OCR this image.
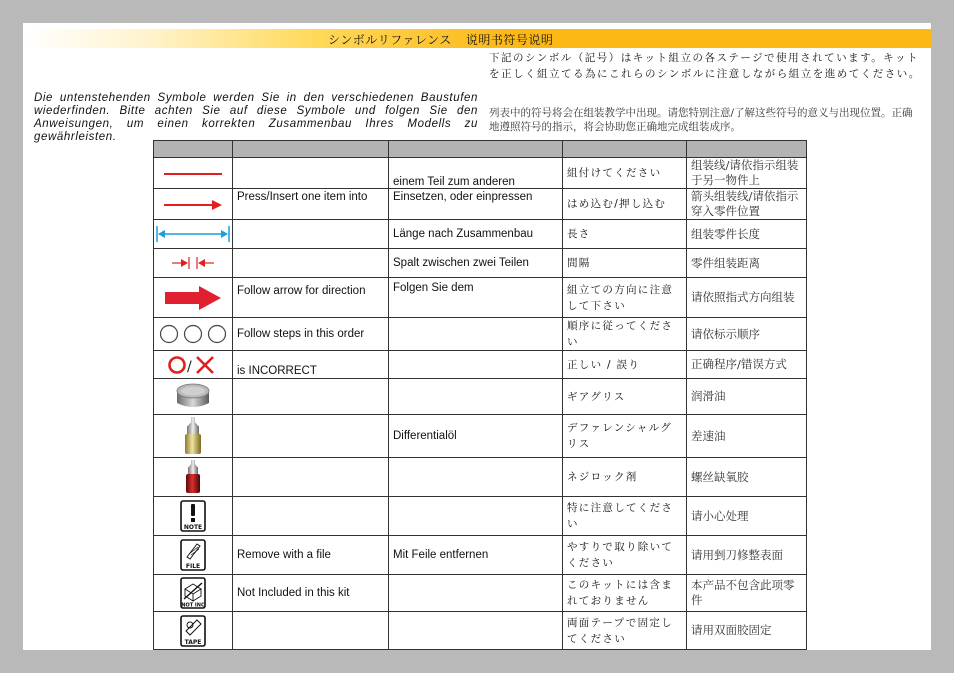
シンボルリファレンス 说明书符号说明

Die untenstehenden Symbole werden Sie in den verschiedenen Baustufen wiederfinden. Bitte achten Sie auf diese Symbole und folgen Sie den Anweisungen, um einen korrekten Zusammenbau Ihres Modells zu gewährleisten.

下記のシンボル（記号）はキット組立の各ステージで使用されています。キットを正しく組立てる為にこれらのシンボルに注意しながら組立を進めてください。

列表中的符号将会在组装教学中出现。请您特别注意/了解这些符号的意义与出现位置。正确地遵照符号的指示，将会协助您正确地完成组装成序。

		einem Teil zum anderen	組付けてください	组装线/请依指示组装于另一物件上
	Press/Insert one item into	Einsetzen, oder einpressen	はめ込む/押し込む	箭头组装线/请依指示穿入零件位置
		Länge nach Zusammenbau	長さ	组装零件长度
		Spalt zwischen zwei Teilen	間隔	零件组装距离
	Follow arrow for direction	Folgen Sie dem	組立ての方向に注意して下さい	请依照指式方向组装
	Follow steps in this order		順序に従ってください	请依标示顺序

/	is INCORRECT		正しい / 誤り	正确程序/错误方式
			ギアグリス	润滑油
		Differentialöl	デファレンシャルグリス	差速油
			ネジロック剤	螺丝缺氧胶

NOTE			特に注意してください	请小心处理

FILE	Remove with a file	Mit Feile entfernen	やすりで取り除いてください	请用剉刀修整表面

NOT INC	Not Included in this kit		このキットには含まれておりません	本产品不包含此项零件

TAPE			両面テープで固定してください	请用双面胶固定
